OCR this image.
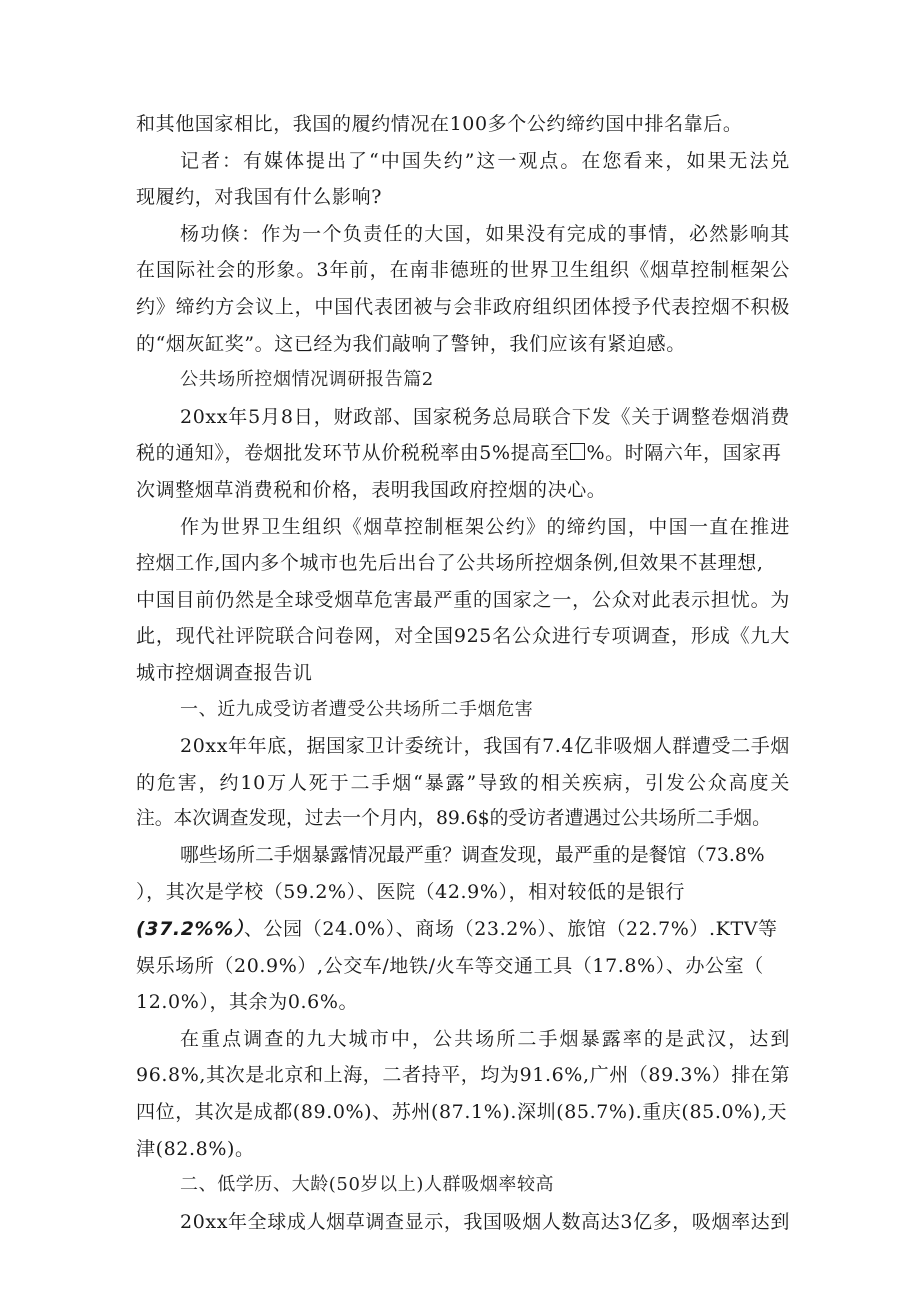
和其他国家相比，我国的履约情况在100多个公约缔约国中排名靠后。
记者：有媒体提出了“中国失约”这一观点。在您看来，如果无法兑
现履约，对我国有什么影响?
杨功倏：作为一个负责任的大国，如果没有完成的事情，必然影响其
在国际社会的形象。3年前，在南非德班的世界卫生组织《烟草控制框架公
约》缔约方会议上，中国代表团被与会非政府组织团体授予代表控烟不积极
的“烟灰缸奖”。这已经为我们敲响了警钟，我们应该有紧迫感。
公共场所控烟情况调研报告篇2
20xx年5月8日，财政部、国家税务总局联合下发《关于调整卷烟消费
税的通知》，卷烟批发环节从价税税率由5%提高至 %。时隔六年，国家再
次调整烟草消费税和价格，表明我国政府控烟的决心。
作为世界卫生组织《烟草控制框架公约》的缔约国，中国一直在推进
控烟工作,国内多个城市也先后出台了公共场所控烟条例,但效果不甚理想,
中国目前仍然是全球受烟草危害最严重的国家之一，公众对此表示担忧。为
此，现代社评院联合问卷网，对全国925名公众进行专项调查，形成《九大
城市控烟调查报告讥
一、近九成受访者遭受公共场所二手烟危害
20xx年年底，据国家卫计委统计，我国有7.4亿非吸烟人群遭受二手烟
的危害，约10万人死于二手烟“暴露”导致的相关疾病，引发公众高度关
注。本次调查发现，过去一个月内，89.6$的受访者遭遇过公共场所二手烟。
哪些场所二手烟暴露情况最严重？调查发现，最严重的是餐馆（73.8%
），其次是学校（59.2%）、医院（42.9%），相对较低的是银行
(37.2%%）、公园（24.0%）、商场（23.2%）、旅馆（22.7%）.KTV等
娱乐场所（20.9%）,公交车/地铁/火车等交通工具（17.8%）、办公室（
12.0%），其余为0.6%。
在重点调查的九大城市中，公共场所二手烟暴露率的是武汉，达到
96.8%,其次是北京和上海，二者持平，均为91.6%,广州（89.3%）排在第
四位，其次是成都(89.0%)、苏州(87.1%).深圳(85.7%).重庆(85.0%),天
津(82.8%)。
二、低学历、大龄(50岁以上)人群吸烟率较高
20xx年全球成人烟草调查显示，我国吸烟人数高达3亿多，吸烟率达到
